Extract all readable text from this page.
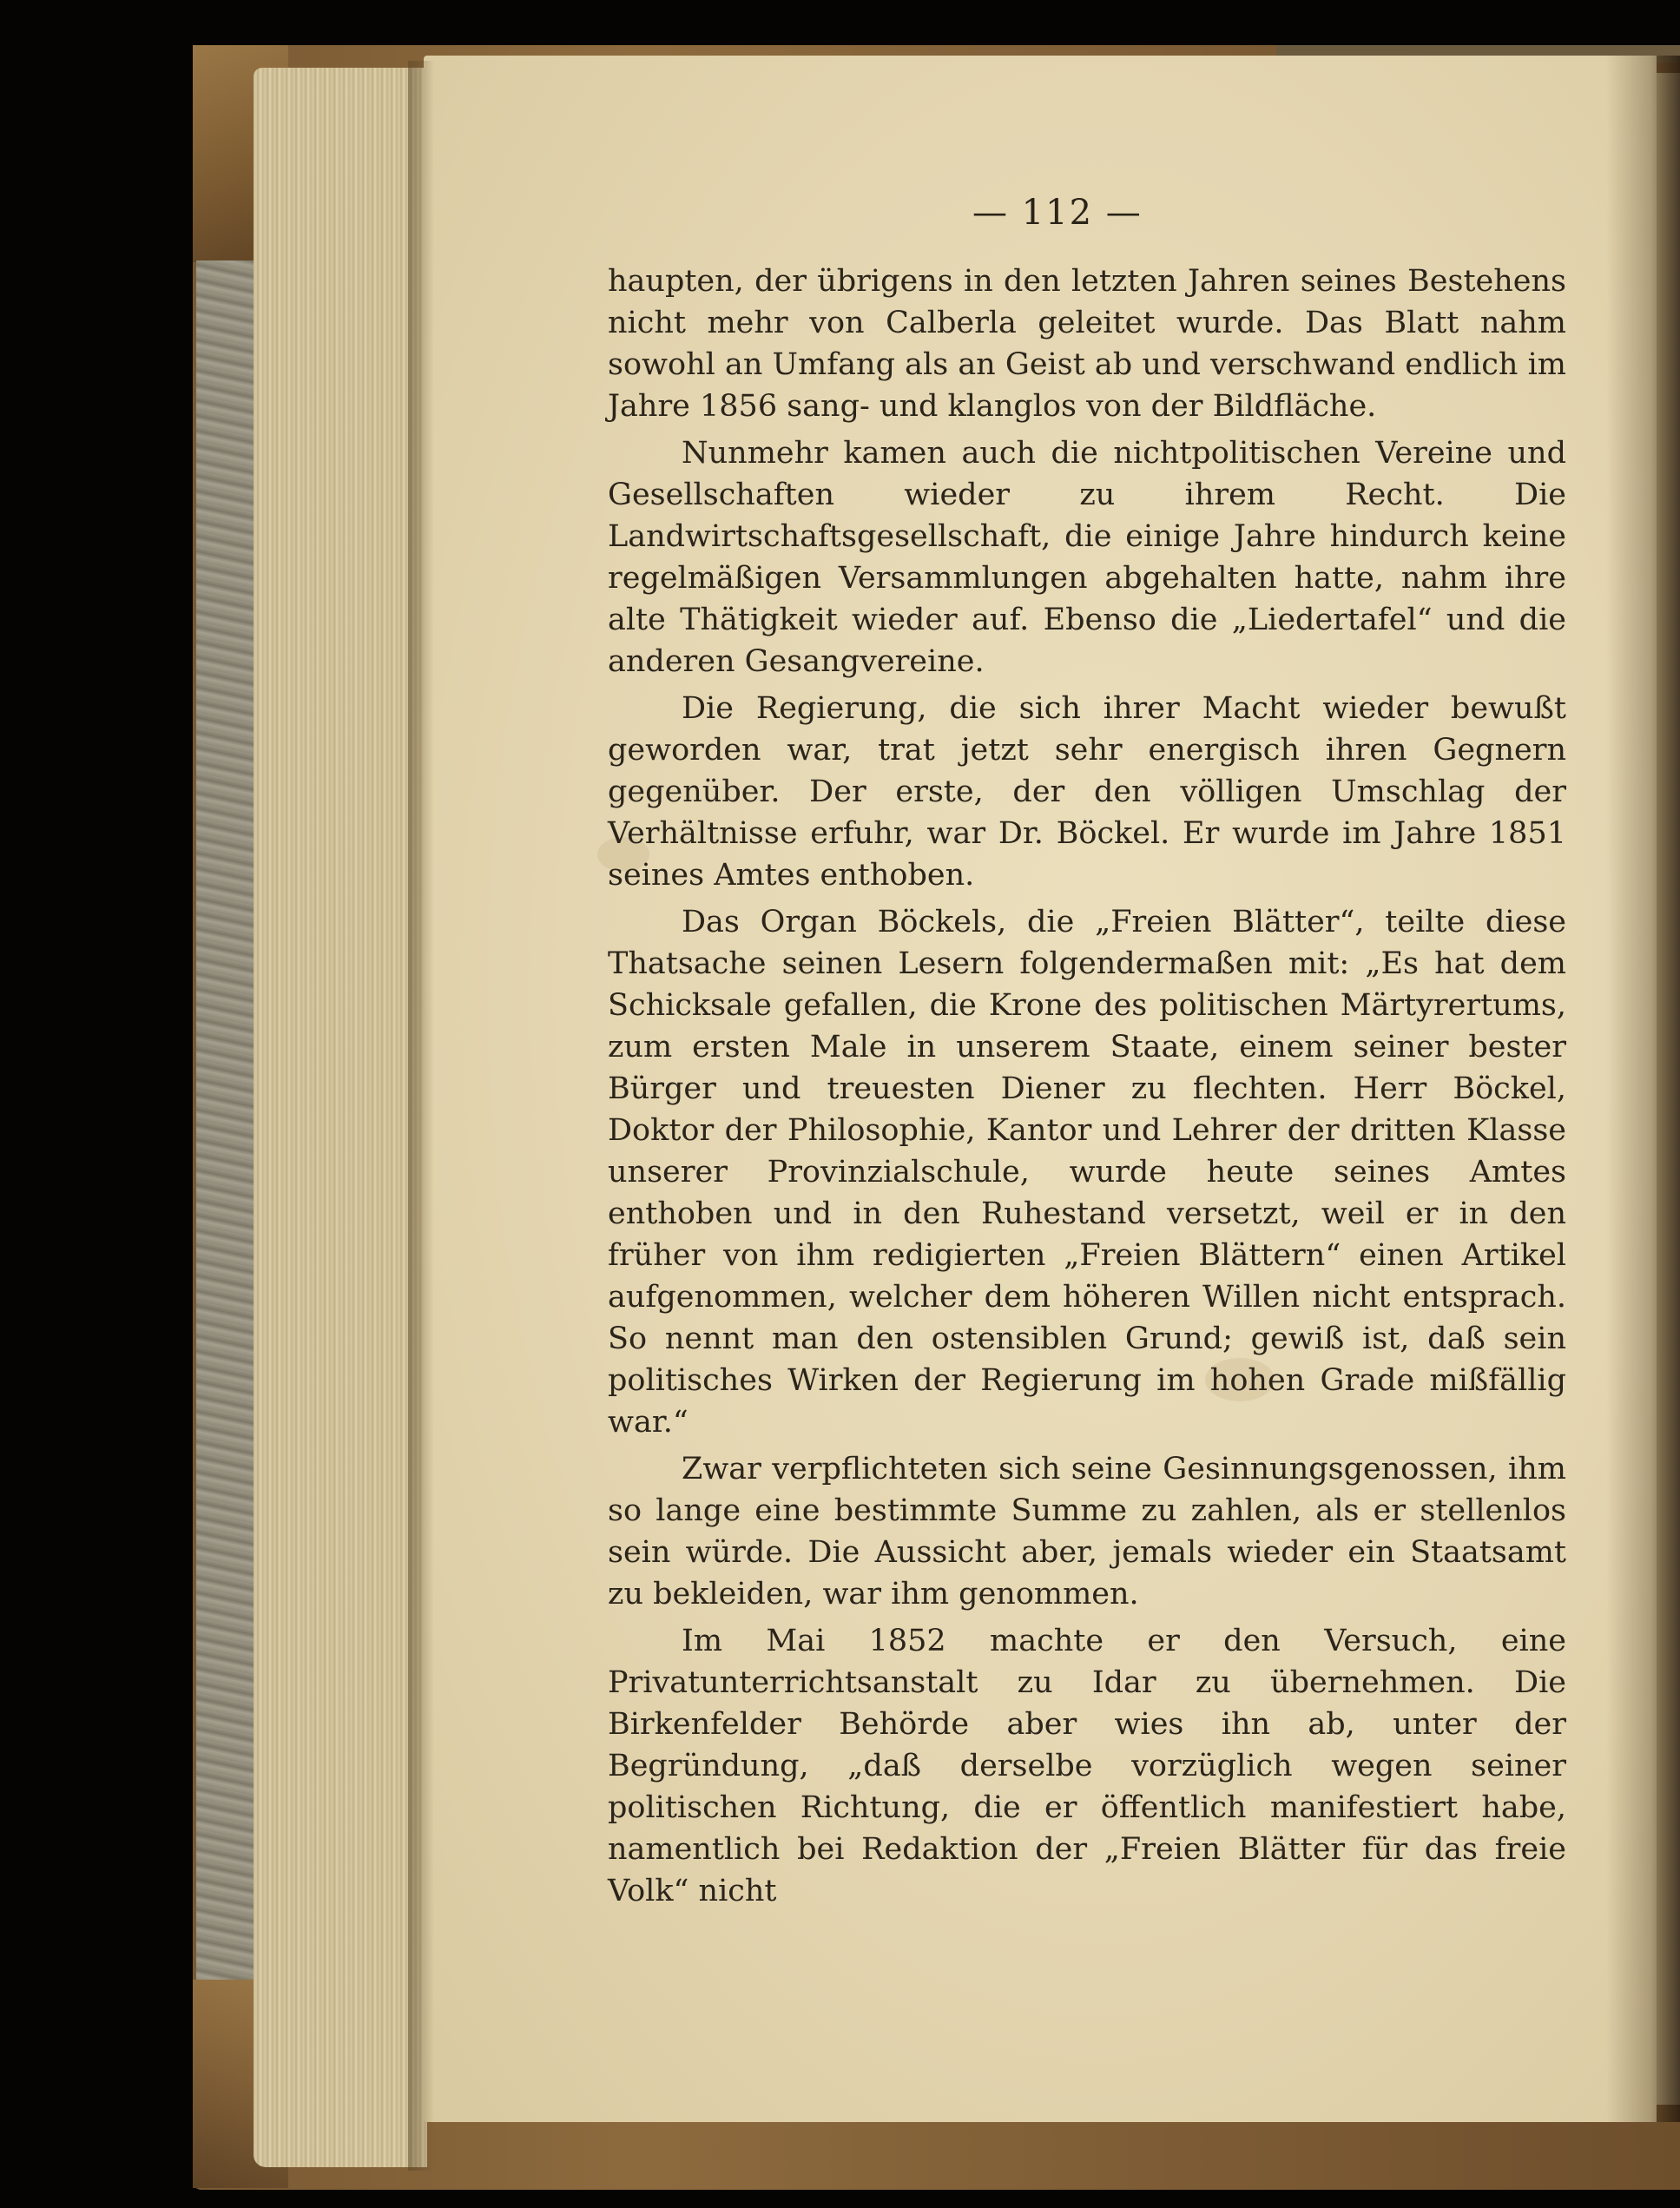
— 112 —

haupten, der übrigens in den letzten Jahren seines Bestehens nicht mehr von Calberla geleitet wurde. Das Blatt nahm sowohl an Umfang als an Geist ab und verschwand endlich im Jahre 1856 sang- und klanglos von der Bildfläche.

Nunmehr kamen auch die nichtpolitischen Vereine und Gesellschaften wieder zu ihrem Recht. Die Landwirtschaftsgesellschaft, die einige Jahre hindurch keine regelmäßigen Versammlungen abgehalten hatte, nahm ihre alte Thätigkeit wieder auf. Ebenso die „Liedertafel“ und die anderen Gesangvereine.

Die Regierung, die sich ihrer Macht wieder bewußt geworden war, trat jetzt sehr energisch ihren Gegnern gegenüber. Der erste, der den völligen Umschlag der Verhältnisse erfuhr, war Dr. Böckel. Er wurde im Jahre 1851 seines Amtes enthoben.

Das Organ Böckels, die „Freien Blätter“, teilte diese Thatsache seinen Lesern folgendermaßen mit: „Es hat dem Schicksale gefallen, die Krone des politischen Märtyrertums, zum ersten Male in unserem Staate, einem seiner bester Bürger und treuesten Diener zu flechten. Herr Böckel, Doktor der Philosophie, Kantor und Lehrer der dritten Klasse unserer Provinzialschule, wurde heute seines Amtes enthoben und in den Ruhestand versetzt, weil er in den früher von ihm redigierten „Freien Blättern“ einen Artikel aufgenommen, welcher dem höheren Willen nicht entsprach. So nennt man den ostensiblen Grund; gewiß ist, daß sein politisches Wirken der Regierung im hohen Grade mißfällig war.“

Zwar verpflichteten sich seine Gesinnungsgenossen, ihm so lange eine bestimmte Summe zu zahlen, als er stellenlos sein würde. Die Aussicht aber, jemals wieder ein Staatsamt zu bekleiden, war ihm genommen.

Im Mai 1852 machte er den Versuch, eine Privatunterrichtsanstalt zu Idar zu übernehmen. Die Birkenfelder Behörde aber wies ihn ab, unter der Begründung, „daß derselbe vorzüglich wegen seiner politischen Richtung, die er öffentlich manifestiert habe, namentlich bei Redaktion der „Freien Blätter für das freie Volk“ nicht
